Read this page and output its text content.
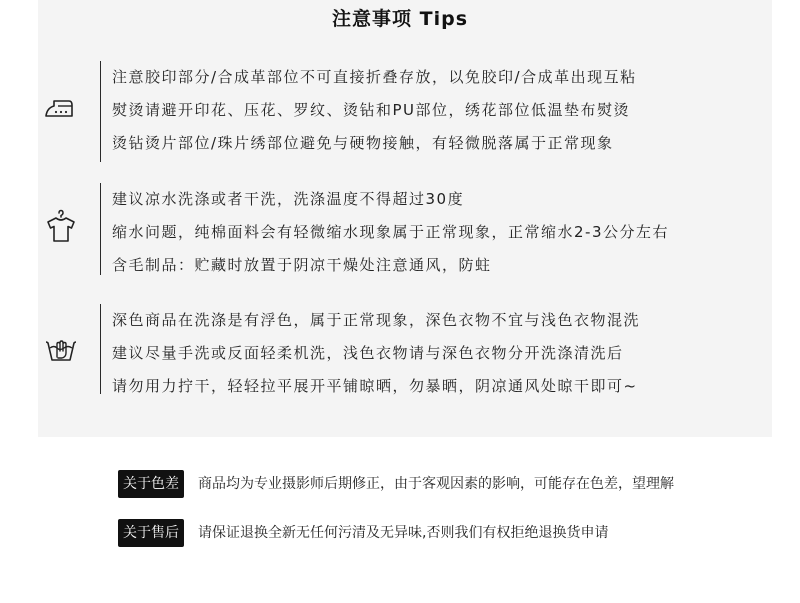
注意事项 Tips
注意胶印部分/合成革部位不可直接折叠存放，以免胶印/合成革出现互粘
熨烫请避开印花、压花、罗纹、烫钻和PU部位，绣花部位低温垫布熨烫
烫钻烫片部位/珠片绣部位避免与硬物接触，有轻微脱落属于正常现象
建议凉水洗涤或者干洗，洗涤温度不得超过30度
缩水问题，纯棉面料会有轻微缩水现象属于正常现象，正常缩水2-3公分左右
含毛制品：贮藏时放置于阴凉干燥处注意通风，防蛀
深色商品在洗涤是有浮色，属于正常现象，深色衣物不宜与浅色衣物混洗
建议尽量手洗或反面轻柔机洗，浅色衣物请与深色衣物分开洗涤清洗后
请勿用力拧干，轻轻拉平展开平铺晾晒，勿暴晒，阴凉通风处晾干即可~
关于色差	商品均为专业摄影师后期修正，由于客观因素的影响，可能存在色差，望理解
关于售后	请保证退换全新无任何污清及无异味,否则我们有权拒绝退换货申请
